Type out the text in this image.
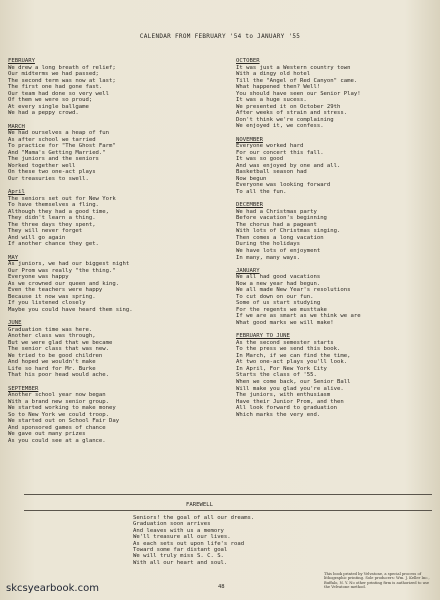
CALENDAR FROM FEBRUARY '54 to JANUARY '55
FEBRUARY
We drew a long breath of relief;
Our midterms we had passed;
The second term was now at last;
The first one had gone fast.
Our team had done so very well
Of them we were so proud;
At every single ballgame
We had a peppy crowd.
MARCH
We had ourselves a heap of fun
As after school we tarried
To practice for "The Ghost Farm"
And "Mama's Getting Married."
The juniors and the seniors
Worked together well
On these two one-act plays
Our treasuries to swell.
April
The seniors set out for New York
To have themselves a fling.
Although they had a good time,
They didn't learn a thing.
The three days they spent,
They will never forget
And will go again
If another chance they get.
MAY
As juniors, we had our biggest night
Our Prom was really "the thing."
Everyone was happy
As we crowned our queen and king.
Even the teachers were happy
Because it now was spring.
If you listened closely
Maybe you could have heard them sing.
JUNE
Graduation time was here.
Another class was through,
But we were glad that we became
The senior class that was new.
We tried to be good children
And hoped we wouldn't make
Life so hard for Mr. Burke
That his poor head would ache.
SEPTEMBER
Another school year now began
With a brand new senior group.
We started working to make money
So to New York we could troop.
We started out on School Fair Day
And sponsored games of chance
We gave out many prizes
As you could see at a glance.
OCTOBER
It was just a Western country town
With a dingy old hotel
Till the "Angel of Red Canyon" came.
What happened then? Well!
You should have seen our Senior Play!
It was a huge sucess.
We presented it on October 29th
After weeks of strain and stress.
Don't think we're complaining
We enjoyed it, we confess.
NOVEMBER
Everyone worked hard
For our concert this fall.
It was so good
And was enjoyed by one and all.
Basketball season had
Now begun
Everyone was looking forward
To all the fun.
DECEMBER
We had a Christmas party
Before vacation's beginning
The chorus had a pageant
With lots of Christmas singing.
Then comes a long vacation
During the holidays
We have lots of enjoyment
In many, many ways.
JANUARY
We all had good vacations
Now a new year had begun.
We all made New Year's resolutions
To cut down on our fun.
Some of us start studying
For the regents we musttake
If we are as smart as we think we are
What good marks we will make!
FEBRUARY TO JUNE
As the second semester starts
To the press we send this book.
In March, if we can find the time,
At two one-act plays you'll look.
In April, For New York City
Starts the class of '55.
When we come back, our Senior Ball
Will make you glad you're alive.
The juniors, with enthusiasm
Have their Junior Prom, and then
All look forward to graduation
Which marks the very end.
FAREWELL
Seniors! the goal of all our dreams.
Graduation soon arrives
And leaves with us a memory
We'll treasure all our lives.
As each sets out upon life's road
Toward some far distant goal
We will truly miss S. C. S.
With all our heart and soul.
48
skcsyearbook.com
This book printed by Velvatone, a special process of lithographic printing. Sole producers: Wm. J. Keller Inc., Buffalo, N. Y. No other printing firm is authorized to use the Velvatone method.
